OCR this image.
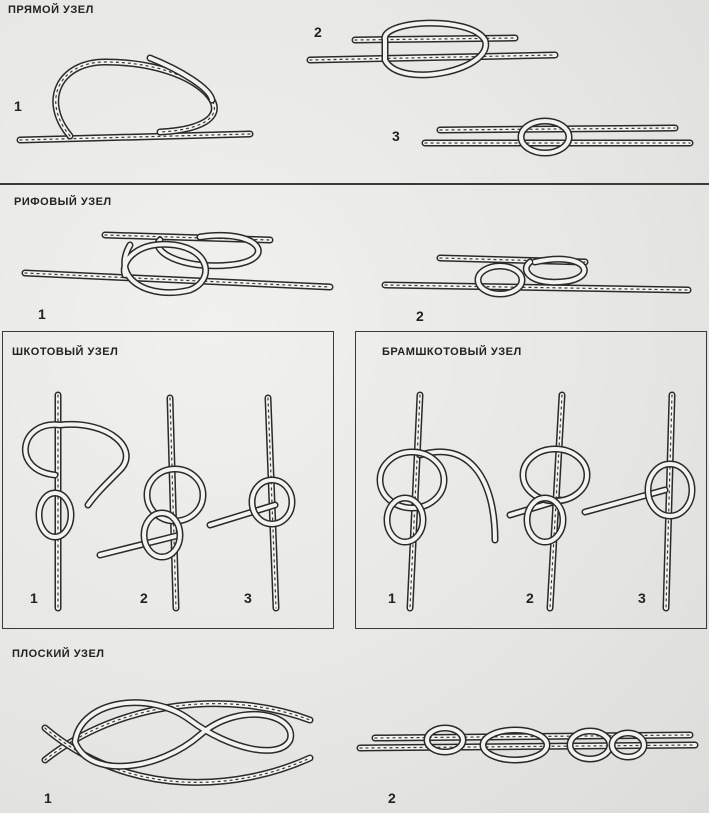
ПРЯМОЙ УЗЕЛ
РИФОВЫЙ УЗЕЛ
ШКОТОВЫЙ УЗЕЛ	БРАМШКОТОВЫЙ УЗЕЛ
ПЛОСКИЙ УЗЕЛ
1
2
3
1	2
1	2	3	1	2	3
1	2
